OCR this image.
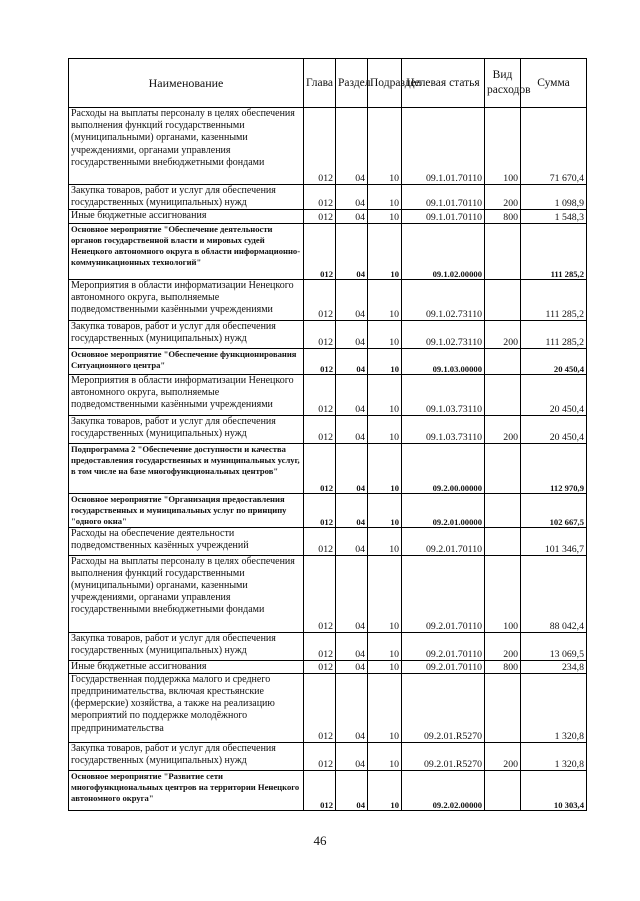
Наименование	Глава	Раздел	Подраздел	Целевая статья	Вид расходов	Сумма
Расходы на выплаты персоналу в целях обеспечения выполнения функций государственными (муниципальными) органами, казенными учреждениями, органами управления государственными внебюджетными фондами	012	04	10	09.1.01.70110	100	71 670,4
Закупка товаров, работ и услуг для обеспечения государственных (муниципальных) нужд	012	04	10	09.1.01.70110	200	1 098,9
Иные бюджетные ассигнования	012	04	10	09.1.01.70110	800	1 548,3
Основное мероприятие "Обеспечение деятельности органов государственной власти и мировых судей Ненецкого автономного округа в области информационно-коммуникационных технологий"	012	04	10	09.1.02.00000		111 285,2
Мероприятия в области информатизации Ненецкого автономного округа, выполняемые подведомственными казёнными учреждениями	012	04	10	09.1.02.73110		111 285,2
Закупка товаров, работ и услуг для обеспечения государственных (муниципальных) нужд	012	04	10	09.1.02.73110	200	111 285,2
Основное мероприятие "Обеспечение функционирования Ситуационного центра"	012	04	10	09.1.03.00000		20 450,4
Мероприятия в области информатизации Ненецкого автономного округа, выполняемые подведомственными казёнными учреждениями	012	04	10	09.1.03.73110		20 450,4
Закупка товаров, работ и услуг для обеспечения государственных (муниципальных) нужд	012	04	10	09.1.03.73110	200	20 450,4
Подпрограмма 2 "Обеспечение доступности и качества предоставления государственных и муниципальных услуг, в том числе на базе многофункциональных центров"	012	04	10	09.2.00.00000		112 970,9
Основное мероприятие "Организация предоставления государственных и муниципальных услуг по принципу "одного окна"	012	04	10	09.2.01.00000		102 667,5
Расходы на обеспечение деятельности подведомственных казённых учреждений	012	04	10	09.2.01.70110		101 346,7
Расходы на выплаты персоналу в целях обеспечения выполнения функций государственными (муниципальными) органами, казенными учреждениями, органами управления государственными внебюджетными фондами	012	04	10	09.2.01.70110	100	88 042,4
Закупка товаров, работ и услуг для обеспечения государственных (муниципальных) нужд	012	04	10	09.2.01.70110	200	13 069,5
Иные бюджетные ассигнования	012	04	10	09.2.01.70110	800	234,8
Государственная поддержка малого и среднего предпринимательства, включая крестьянские (фермерские) хозяйства, а также на реализацию мероприятий по поддержке молодёжного предпринимательства	012	04	10	09.2.01.R5270		1 320,8
Закупка товаров, работ и услуг для обеспечения государственных (муниципальных) нужд	012	04	10	09.2.01.R5270	200	1 320,8
Основное мероприятие "Развитие сети многофункциональных центров на территории Ненецкого автономного округа"	012	04	10	09.2.02.00000		10 303,4
46
